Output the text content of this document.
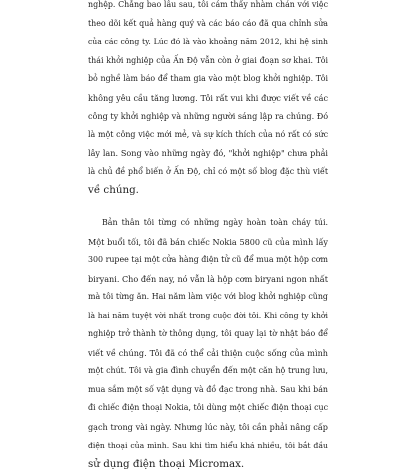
nghệp. Chẳng bao lâu sau, tôi cảm thấy nhàm chán với việc
theo dõi kết quả hàng quý và các báo cáo đã qua chỉnh sửa
của các công ty. Lúc đó là vào khoảng năm 2012, khi hệ sinh
thái khởi nghiệp của Ấn Độ vẫn còn ở giai đoạn sơ khai. Tôi
bỏ nghề làm báo để tham gia vào một blog khởi nghiệp. Tôi
không yêu cầu tăng lương. Tôi rất vui khi được viết về các
công ty khởi nghiệp và những người sáng lập ra chúng. Đó
là một công việc mới mẻ, và sự kích thích của nó rất có sức
lây lan. Song vào những ngày đó, "khởi nghiệp" chưa phải
là chủ đề phổ biến ở Ấn Độ, chỉ có một số blog đặc thù viết
về chúng.

Bản thân tôi từng có những ngày hoàn toàn cháy túi.
Một buổi tối, tôi đã bán chiếc Nokia 5800 cũ của mình lấy
300 rupee tại một cửa hàng điện tử cũ để mua một hộp cơm
biryani. Cho đến nay, nó vẫn là hộp cơm biryani ngon nhất
mà tôi từng ăn. Hai năm làm việc với blog khởi nghiệp cũng
là hai năm tuyệt vời nhất trong cuộc đời tôi. Khi công ty khởi
nghiệp trở thành tờ thông dụng, tôi quay lại tờ nhật báo để
viết về chúng. Tôi đã có thể cải thiện cuộc sống của mình
một chút. Tôi và gia đình chuyển đến một căn hộ trung lưu,
mua sắm một số vật dụng và đồ đạc trong nhà. Sau khi bán
đi chiếc điện thoại Nokia, tôi dùng một chiếc điện thoại cục
gạch trong vài ngày. Nhưng lúc này, tôi cần phải nâng cấp
điện thoại của mình. Sau khi tìm hiểu khá nhiều, tôi bắt đầu
sử dụng điện thoại Micromax.
